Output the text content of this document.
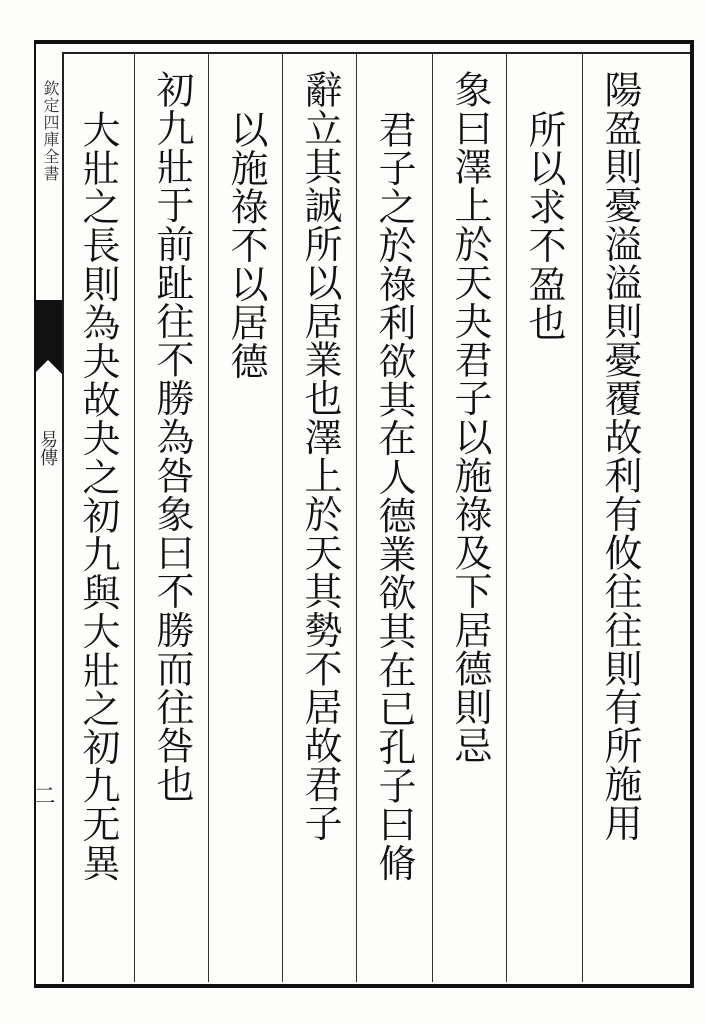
陽盈則憂溢溢則憂覆故利有攸往往則有所施用
所以求不盈也
象曰澤上於天夬君子以施祿及下居德則忌
君子之於祿利欲其在人德業欲其在已孔子曰脩
辭立其誠所以居業也澤上於天其勢不居故君子
以施祿不以居德
初九壯于前趾往不勝為咎象曰不勝而往咎也
大壯之長則為夬故夬之初九與大壯之初九无異
欽定四庫全書
易傳
二
